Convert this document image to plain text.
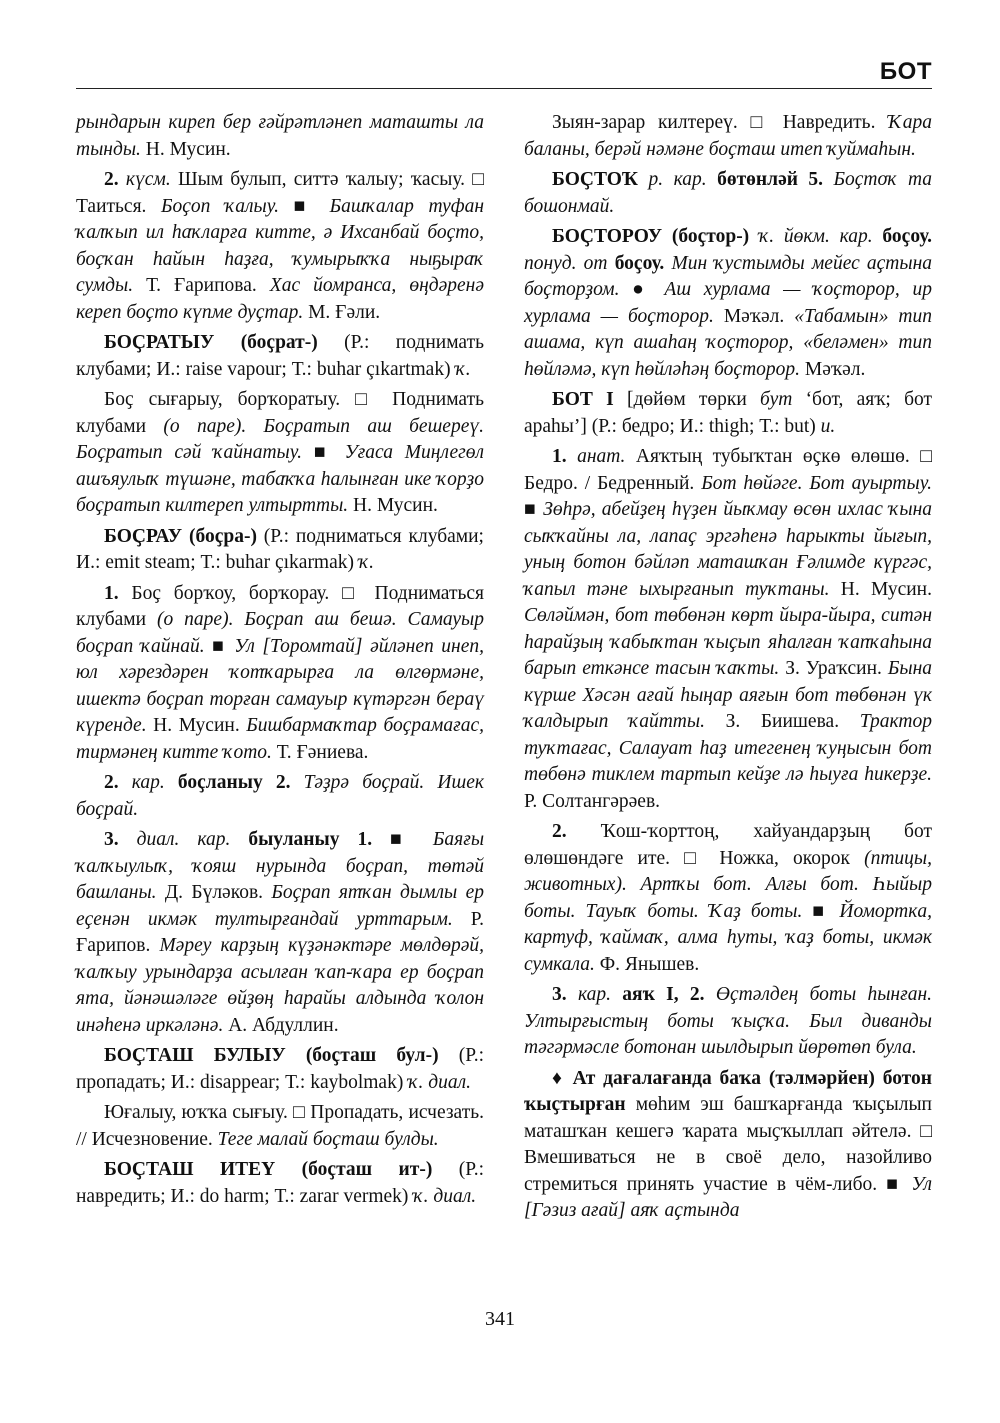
БОТ

рындарын киреп бер ғәйрәтләнеп маташты ла тынды. Н. Мусин.

2. күсм. Шым булып, ситтә ҡалыу; ҡасыу. □ Таиться. Боҫоп ҡалыу. ■ Башҡалар туфан ҡалҡып ил һаҡларға китте, ә Ихсанбай боҫто, боҫҡан һайын һаҙға, ҡумырыҡҡа ныҕыраҡ сумды. Т. Ғарипова. Хас йомранса, өңдәренә кереп боҫто күпме дуҫтар. М. Ғәли.

БОҪРАТЫУ (боҫрат-) (Р.: поднимать клубами; И.: raise vapour; Т.: buhar çıkartmak) ҡ.

Боҫ сығарыу, борҡоратыу. □ Поднимать клубами (о паре). Боҫратып аш бешереү. Боҫратып сәй ҡайнатыу. ■ Уғаса Миңлегөл ашъяулыҡ түшәне, табаҡҡа һалынған ике ҡорҙо боҫратып килтереп ултыртты. Н. Мусин.

БОҪРАУ (боҫра-) (Р.: подниматься клубами; И.: emit steam; Т.: buhar çıkarmak) ҡ.

1. Боҫ борҡоу, борҡорау. □ Подниматься клубами (о паре). Боҫрап аш бешә. Самауыр боҫрап ҡайнай. ■ Ул [Торомтай] әйләнеп инеп, юл хәрездәрен ҡотҡарырға ла өлгөрмәне, ишектә боҫрап торған самауыр күтәргән бераү күренде. Н. Мусин. Бишбармаҡтар боҫрамағас, тирмәнең китте ҡото. Т. Ғәниева.

2. кар. боҫланыу 2. Тәҙрә боҫрай. Ишек боҫрай.

3. диал. кар. быуланыу 1. ■ Баяғы ҡалҡыулыҡ, ҡояш нурында боҫрап, төтәй башланы. Д. Бүләков. Боҫрап ятҡан дымлы ер еҫенән икмәк тултырғандай урттарым. Р. Ғарипов. Мәреу карҙың күҙәнәктәре мөлдөрәй, ҡалҡыу урындарҙа асылған ҡап-ҡара ер боҫрап ята, йәнәшәләге өйҙөң һарайы алдында ҡолон инәһенә иркәләнә. А. Абдуллин.

БОҪТАШ БУЛЫУ (боҫташ бул-) (Р.: пропадать; И.: disappear; Т.: kaybolmak) ҡ. диал.

Юғалыу, юҡҡа сығыу. □ Пропадать, исчезать. // Исчезновение. Теге малай боҫташ булды.

БОҪТАШ ИТЕҮ (боҫташ ит-) (Р.: навредить; И.: do harm; Т.: zarar vermek) ҡ. диал.

Зыян-зарар килтереү. □ Навредить. Ҡара баланы, берәй нәмәне боҫташ итеп ҡуймаһын.

БОҪТОҠ р. кар. бөтөнләй 5. Боҫтоҡ та бошонмай.

БОҪТОРОУ (боҫтор-) ҡ. йөкм. кар. боҫоу. понуд. от боҫоу. Мин ҡустымды мейес аҫтына боҫторҙом. ● Аш хурлама — ҡоҫторор, ир хурлама — боҫторор. Мәҡәл. «Табамын» тип ашама, күп ашаһаң ҡоҫторор, «беләмен» тип һөйләмә, күп һөйләһәң боҫторор. Мәҡәл.

БОТ I [дөйөм төрки бут ‘бот, аяҡ; бот араһы’] (Р.: бедро; И.: thigh; Т.: but) и.

1. анат. Аяҡтың тубыҡтан өҫкө өлөшө. □ Бедро. / Бедренный. Бот һөйәге. Бот ауыртыу. ■ Зөһрә, абейҙең һүҙен йыҡмау өсөн ихлас ҡына сыҡҡайны ла, лапаҫ эргәһенә һарыкты йығып, уның ботон бәйләп маташҡан Ғәлимде күргәс, ҡапыл тәне ыхырғанып туҡтаны. Н. Мусин. Сөләймән, бот төбөнән көрт йыра-йыра, ситән һарайҙың ҡабыҡтан ҡыҫып яһалған ҡапҡаһына барып еткәнсе тасын ҡаҡты. З. Ураҡсин. Бына күрше Хәсән ағай һыңар аяғын бот төбөнән үк ҡалдырып ҡайтты. З. Биишева. Трактор туҡтағас, Салауат һаҙ итегенең ҡуңысын бот төбөнә тиклем тартып кейҙе лә һыуға һикерҙе. Р. Солтангәрәев.

2. Ҡош-ҡорттоң, хайуандарҙың бот өлөшөндәге ите. □ Ножка, окорок (птицы, животных). Артҡы бот. Алғы бот. Һыйыр боты. Тауыҡ боты. Ҡаҙ боты. ■ Йоморткa, картуф, ҡаймаҡ, алма һуты, ҡаҙ боты, икмәк сумкала. Ф. Янышев.

3. кар. аяҡ I, 2. Өҫтәлдең боты һынған. Ултырғыстың боты ҡыҫҡа. Был диванды тәгәрмәсле ботонан шылдырып йөрөтөп була.

♦ Ат дағалағанда баҡа (тәлмәрйен) ботон ҡыҫтырған мөһим эш башҡарғанда ҡыҫылып маташҡан кешегә ҡарата мыҫҡыллап әйтелә. □ Вмешиваться не в своё дело, назойливо стремиться принять участие в чём-либо. ■ Ул [Гәзиз ағай] аяҡ аҫтында

341
